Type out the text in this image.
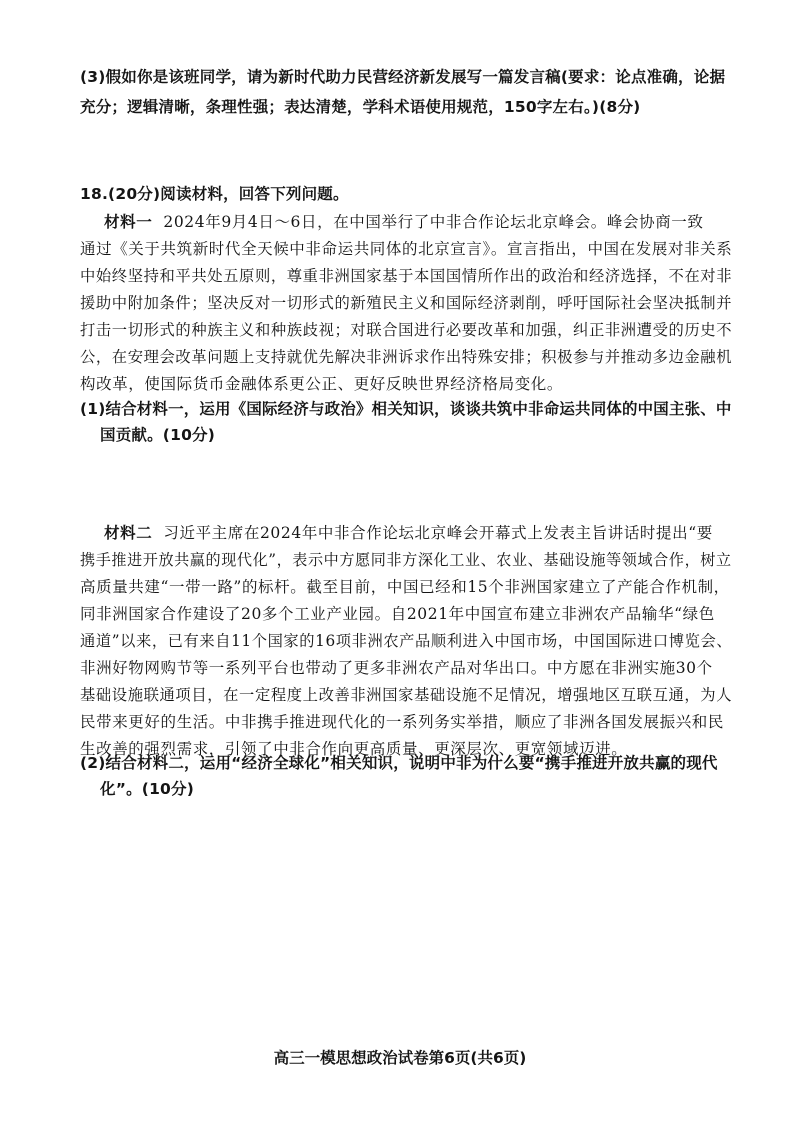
(3)假如你是该班同学，请为新时代助力民营经济新发展写一篇发言稿(要求：论点准确，论据
充分；逻辑清晰，条理性强；表达清楚，学科术语使用规范，150字左右。)(8分)
18.(20分)阅读材料，回答下列问题。
材料一 2024年9月4日～6日，在中国举行了中非合作论坛北京峰会。峰会协商一致
通过《关于共筑新时代全天候中非命运共同体的北京宣言》。宣言指出，中国在发展对非关系
中始终坚持和平共处五原则，尊重非洲国家基于本国国情所作出的政治和经济选择，不在对非
援助中附加条件；坚决反对一切形式的新殖民主义和国际经济剥削，呼吁国际社会坚决抵制并
打击一切形式的种族主义和种族歧视；对联合国进行必要改革和加强，纠正非洲遭受的历史不
公，在安理会改革问题上支持就优先解决非洲诉求作出特殊安排；积极参与并推动多边金融机
构改革，使国际货币金融体系更公正、更好反映世界经济格局变化。
(1)结合材料一，运用《国际经济与政治》相关知识，谈谈共筑中非命运共同体的中国主张、中
国贡献。(10分)
材料二 习近平主席在2024年中非合作论坛北京峰会开幕式上发表主旨讲话时提出“要
携手推进开放共赢的现代化”，表示中方愿同非方深化工业、农业、基础设施等领域合作，树立
高质量共建“一带一路”的标杆。截至目前，中国已经和15个非洲国家建立了产能合作机制，
同非洲国家合作建设了20多个工业产业园。自2021年中国宣布建立非洲农产品输华“绿色
通道”以来，已有来自11个国家的16项非洲农产品顺利进入中国市场，中国国际进口博览会、
非洲好物网购节等一系列平台也带动了更多非洲农产品对华出口。中方愿在非洲实施30个
基础设施联通项目，在一定程度上改善非洲国家基础设施不足情况，增强地区互联互通，为人
民带来更好的生活。中非携手推进现代化的一系列务实举措，顺应了非洲各国发展振兴和民
生改善的强烈需求，引领了中非合作向更高质量、更深层次、更宽领域迈进。
(2)结合材料二，运用“经济全球化”相关知识，说明中非为什么要“携手推进开放共赢的现代
化”。(10分)
高三一模思想政治试卷第6页(共6页)
